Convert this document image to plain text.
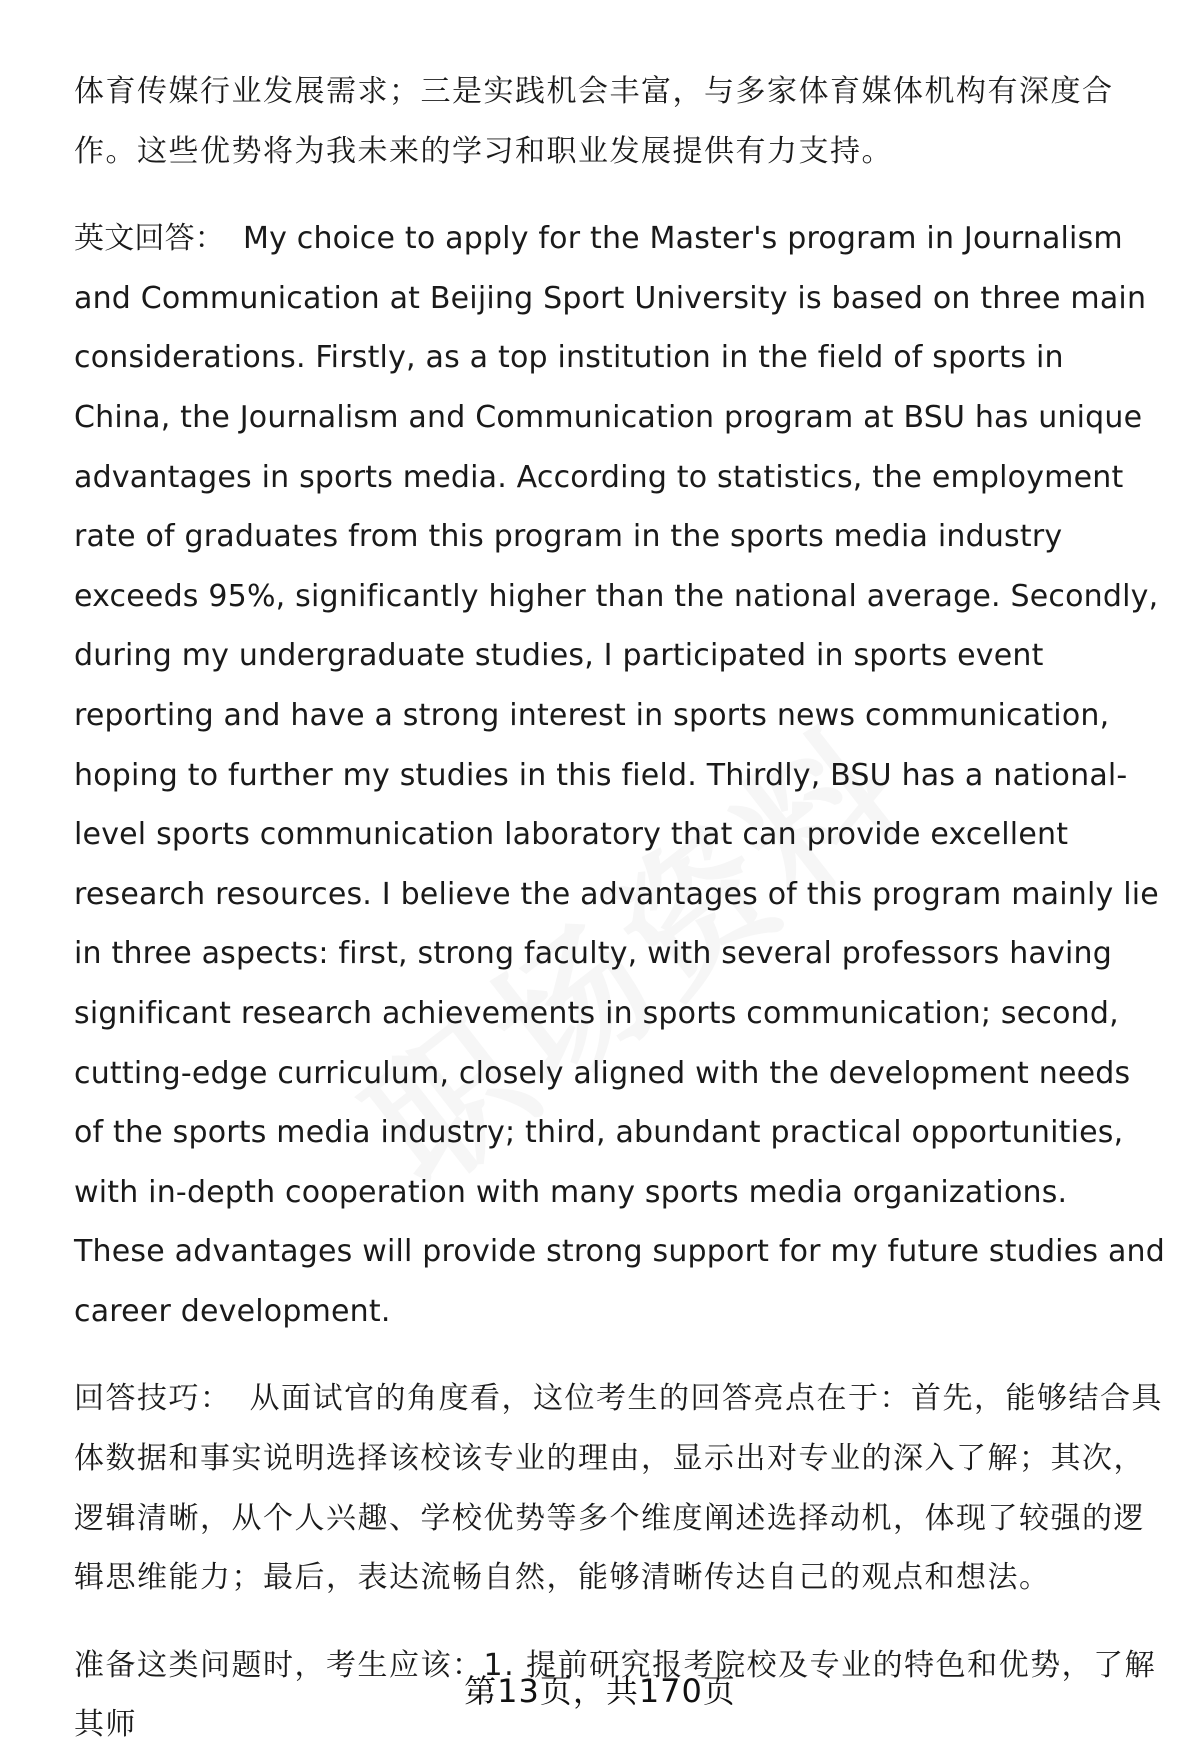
体育传媒行业发展需求；三是实践机会丰富，与多家体育媒体机构有深度合作。这些优势将为我未来的学习和职业发展提供有力支持。

英文回答： My choice to apply for the Master's program in Journalism and Communication at Beijing Sport University is based on three main considerations. Firstly, as a top institution in the field of sports in China, the Journalism and Communication program at BSU has unique advantages in sports media. According to statistics, the employment rate of graduates from this program in the sports media industry exceeds 95%, significantly higher than the national average. Secondly, during my undergraduate studies, I participated in sports event reporting and have a strong interest in sports news communication, hoping to further my studies in this field. Thirdly, BSU has a national-level sports communication laboratory that can provide excellent research resources. I believe the advantages of this program mainly lie in three aspects: first, strong faculty, with several professors having significant research achievements in sports communication; second, cutting-edge curriculum, closely aligned with the development needs of the sports media industry; third, abundant practical opportunities, with in-depth cooperation with many sports media organizations. These advantages will provide strong support for my future studies and career development.

回答技巧： 从面试官的角度看，这位考生的回答亮点在于：首先，能够结合具体数据和事实说明选择该校该专业的理由，显示出对专业的深入了解；其次，逻辑清晰，从个人兴趣、学校优势等多个维度阐述选择动机，体现了较强的逻辑思维能力；最后，表达流畅自然，能够清晰传达自己的观点和想法。

准备这类问题时，考生应该：1. 提前研究报考院校及专业的特色和优势，了解其师

第13页，共170页
